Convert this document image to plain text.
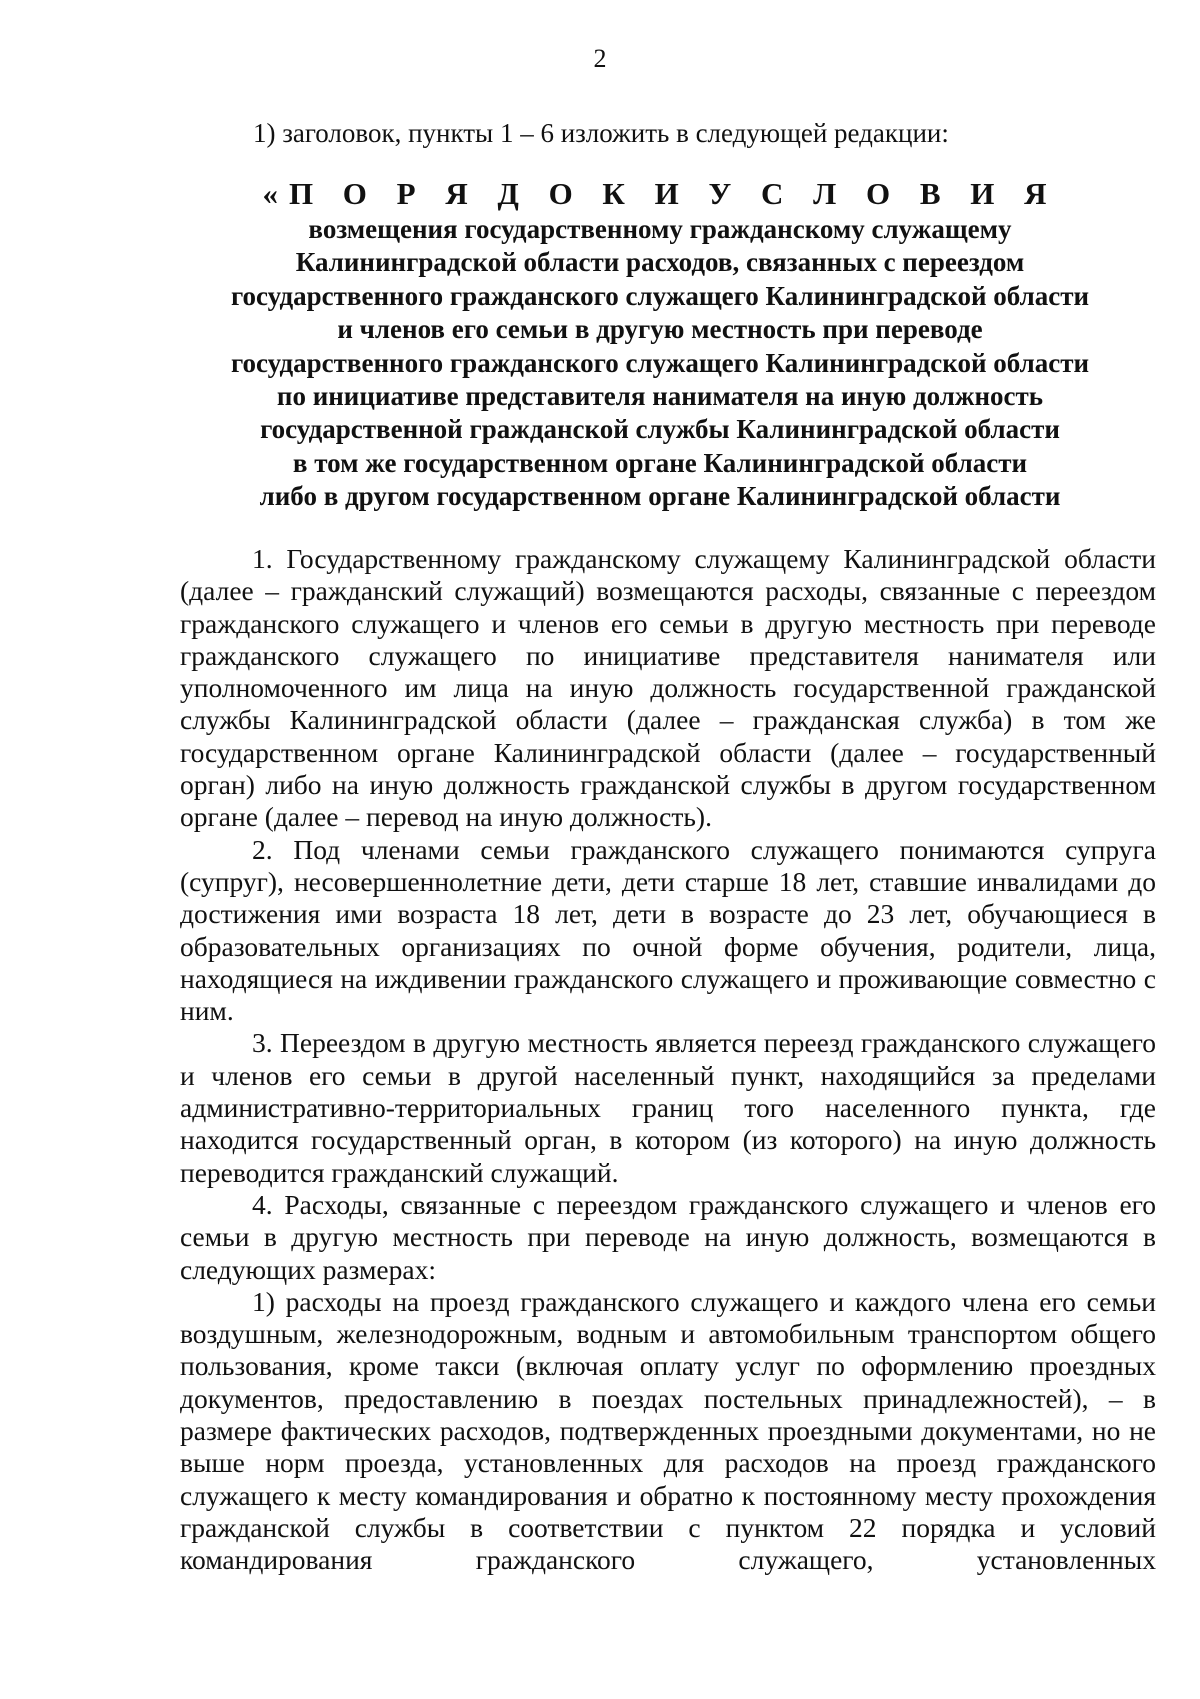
2
1) заголовок, пункты 1 – 6 изложить в следующей редакции:
«П О Р Я Д О К И У С Л О В И Я
возмещения государственному гражданскому служащему
Калининградской области расходов, связанных с переездом
государственного гражданского служащего Калининградской области
и членов его семьи в другую местность при переводе
государственного гражданского служащего Калининградской области
по инициативе представителя нанимателя на иную должность
государственной гражданской службы Калининградской области
в том же государственном органе Калининградской области
либо в другом государственном органе Калининградской области

1. Государственному гражданскому служащему Калининградской области (далее – гражданский служащий) возмещаются расходы, связанные с переездом гражданского служащего и членов его семьи в другую местность при переводе гражданского служащего по инициативе представителя нанимателя или уполномоченного им лица на иную должность государственной гражданской службы Калининградской области (далее – гражданская служба) в том же государственном органе Калининградской области (далее – государственный орган) либо на иную должность гражданской службы в другом государственном органе (далее – перевод на иную должность).

2. Под членами семьи гражданского служащего понимаются супруга (супруг), несовершеннолетние дети, дети старше 18 лет, ставшие инвалидами до достижения ими возраста 18 лет, дети в возрасте до 23 лет, обучающиеся в образовательных организациях по очной форме обучения, родители, лица, находящиеся на иждивении гражданского служащего и проживающие совместно с ним.

3. Переездом в другую местность является переезд гражданского служащего и членов его семьи в другой населенный пункт, находящийся за пределами административно-территориальных границ того населенного пункта, где находится государственный орган, в котором (из которого) на иную должность переводится гражданский служащий.

4. Расходы, связанные с переездом гражданского служащего и членов его семьи в другую местность при переводе на иную должность, возмещаются в следующих размерах:

1) расходы на проезд гражданского служащего и каждого члена его семьи воздушным, железнодорожным, водным и автомобильным транспортом общего пользования, кроме такси (включая оплату услуг по оформлению проездных документов, предоставлению в поездах постельных принадлежностей), – в размере фактических расходов, подтвержденных проездными документами, но не выше норм проезда, установленных для расходов на проезд гражданского служащего к месту командирования и обратно к постоянному месту прохождения гражданской службы в соответствии с пунктом 22 порядка и условий командирования гражданского служащего, установленных
